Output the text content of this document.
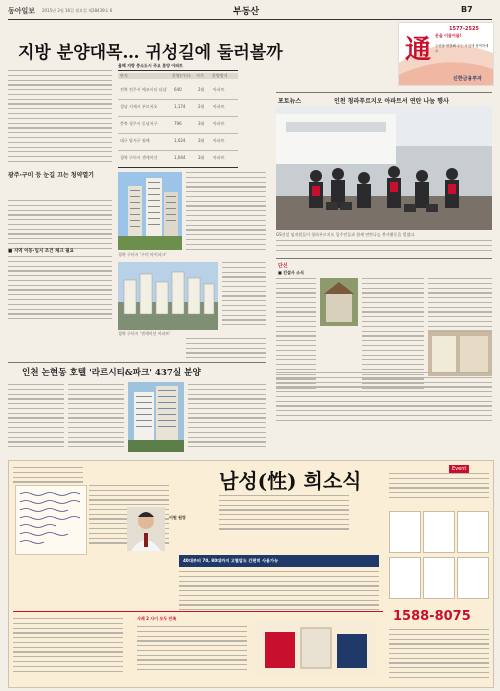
동아일보 2015년 2월 16일 월요일 제28439호 6	부동산	B7
通 운을 이끌어줄!
1577-2525
우산을 연결해 주는 사업에 참여하세요
신한금융투자
지방 분양대목… 귀성길에 둘러볼까
광주·구미 등 눈길 끄는 청약열기
■ 지역 이동·입지 조건 체크 필요
올해 지방 중소도시 주요 분양 아파트
단지	분양(가구) 시기 분양방식
전북 전주시 에코시티 더샵 640	2월 아파트
경남 거제시 푸르지오	1,174	2월 아파트
충북 청주시 동남지구	796	3월 아파트
대구 달서구 월배	1,024	3월 아파트
경북 구미시 센세이션	1,044	3월 아파트
경북 구미시 '구미 아이파크'
경북 구미시 '센세이션 아파트'
인천 논현동 호텔 '라르시티&파크' 437실 분양
포토뉴스	인천 청라푸르지오 아파트서 연탄 나눔 행사
GS건설 임직원들이 청라푸르지오 입주민들과 함께 연탄나눔 봉사활동을 벌였다.
단신
■ 건설사 소식
이원 원장
남성(性) 희소식
40대부터 70, 80대까지 고혈압도 간편히 사용가능
사례 2 사이 모두 만족
Event
1588-8075
